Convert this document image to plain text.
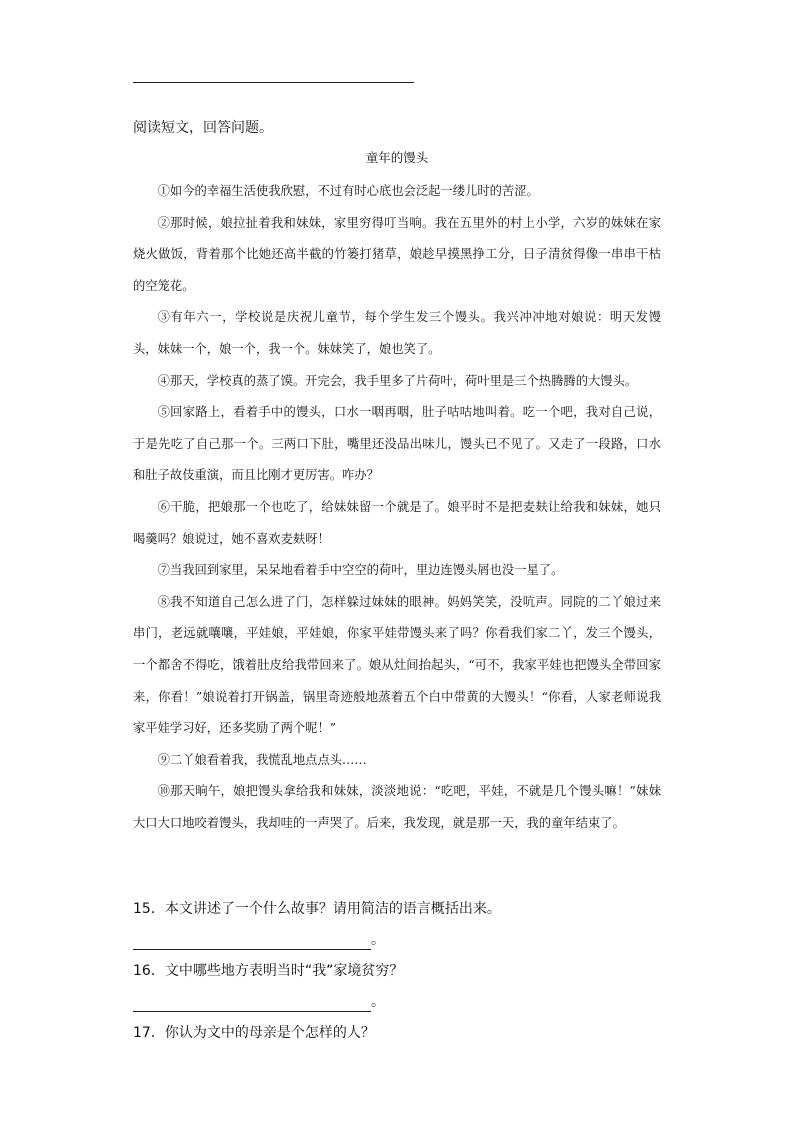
阅读短文，回答问题。
童年的馒头

①如今的幸福生活使我欣慰，不过有时心底也会泛起一缕儿时的苦涩。

②那时候，娘拉扯着我和妹妹，家里穷得叮当响。我在五里外的村上小学，六岁的妹妹在家烧火做饭，背着那个比她还高半截的竹篓打猪草，娘趁早摸黑挣工分，日子清贫得像一串串干枯的空笼花。

③有年六一，学校说是庆祝儿童节，每个学生发三个馒头。我兴冲冲地对娘说：明天发馒头，妹妹一个，娘一个，我一个。妹妹笑了，娘也笑了。

④那天，学校真的蒸了馍。开完会，我手里多了片荷叶，荷叶里是三个热腾腾的大馒头。

⑤回家路上，看着手中的馒头，口水一咽再咽，肚子咕咕地叫着。吃一个吧，我对自己说，于是先吃了自己那一个。三两口下肚，嘴里还没品出味儿，馒头已不见了。又走了一段路，口水和肚子故伎重演，而且比刚才更厉害。咋办？

⑥干脆，把娘那一个也吃了，给妹妹留一个就是了。娘平时不是把麦麸让给我和妹妹，她只喝羹吗？娘说过，她不喜欢麦麸呀！

⑦当我回到家里，呆呆地看着手中空空的荷叶，里边连馒头屑也没一星了。

⑧我不知道自己怎么进了门，怎样躲过妹妹的眼神。妈妈笑笑，没吭声。同院的二丫娘过来串门，老远就嚷嚷，平娃娘，平娃娘，你家平娃带馒头来了吗？你看我们家二丫，发三个馒头，一个都舍不得吃，饿着肚皮给我带回来了。娘从灶间抬起头，“可不，我家平娃也把馒头全带回家来，你看！”娘说着打开锅盖，锅里奇迹般地蒸着五个白中带黄的大馒头！“你看，人家老师说我家平娃学习好，还多奖励了两个呢！”

⑨二丫娘看着我，我慌乱地点点头……

⑩那天晌午，娘把馒头拿给我和妹妹，淡淡地说：“吃吧，平娃，不就是几个馒头嘛！”妹妹大口大口地咬着馒头，我却哇的一声哭了。后来，我发现，就是那一天，我的童年结束了。

15．本文讲述了一个什么故事？请用简洁的语言概括出来。
。
16．文中哪些地方表明当时“我”家境贫穷？
。
17．你认为文中的母亲是个怎样的人？
